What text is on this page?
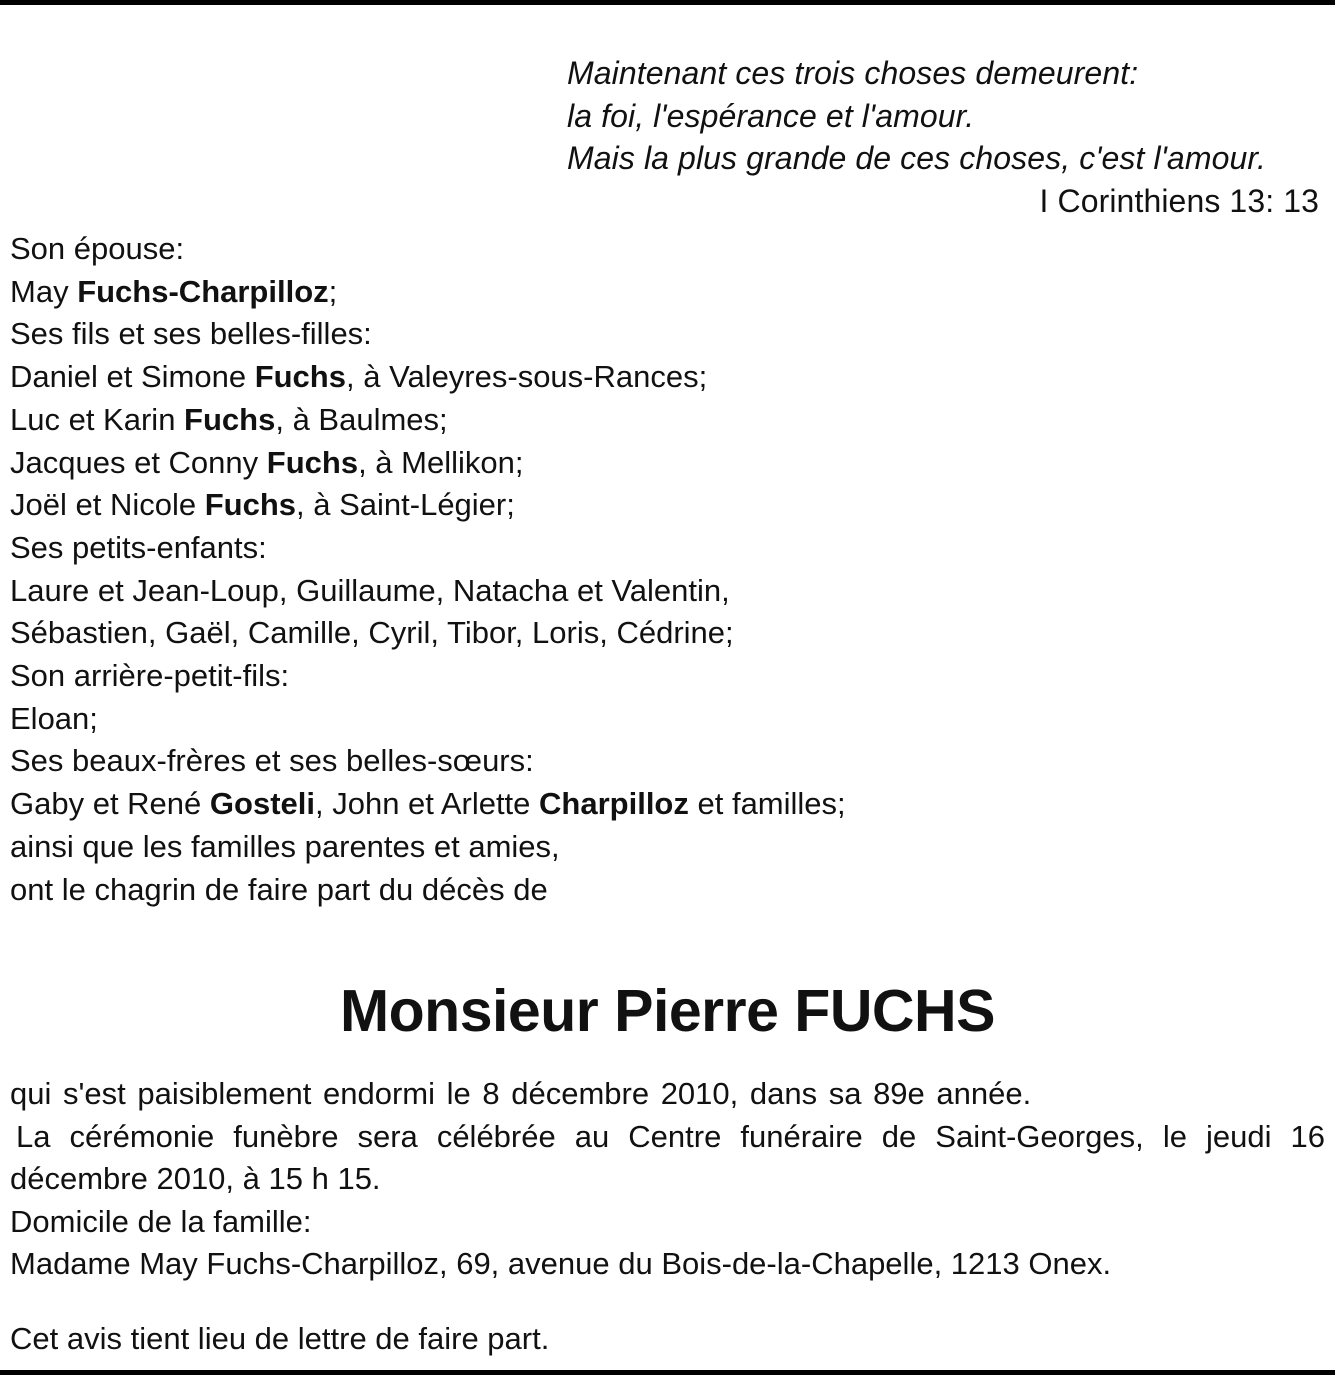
Maintenant ces trois choses demeurent:
la foi, l'espérance et l'amour.
Mais la plus grande de ces choses, c'est l'amour.
I Corinthiens 13: 13
Son épouse:
May Fuchs-Charpilloz;
Ses fils et ses belles-filles:
Daniel et Simone Fuchs, à Valeyres-sous-Rances;
Luc et Karin Fuchs, à Baulmes;
Jacques et Conny Fuchs, à Mellikon;
Joël et Nicole Fuchs, à Saint-Légier;
Ses petits-enfants:
Laure et Jean-Loup, Guillaume, Natacha et Valentin,
Sébastien, Gaël, Camille, Cyril, Tibor, Loris, Cédrine;
Son arrière-petit-fils:
Eloan;
Ses beaux-frères et ses belles-sœurs:
Gaby et René Gosteli, John et Arlette Charpilloz et familles;
ainsi que les familles parentes et amies,
ont le chagrin de faire part du décès de
Monsieur Pierre FUCHS
qui s'est paisiblement endormi le 8 décembre 2010, dans sa 89e année.
La cérémonie funèbre sera célébrée au Centre funéraire de Saint-Georges, le jeudi 16 décembre 2010, à 15 h 15.
Domicile de la famille:
Madame May Fuchs-Charpilloz, 69, avenue du Bois-de-la-Chapelle, 1213 Onex.
Cet avis tient lieu de lettre de faire part.
